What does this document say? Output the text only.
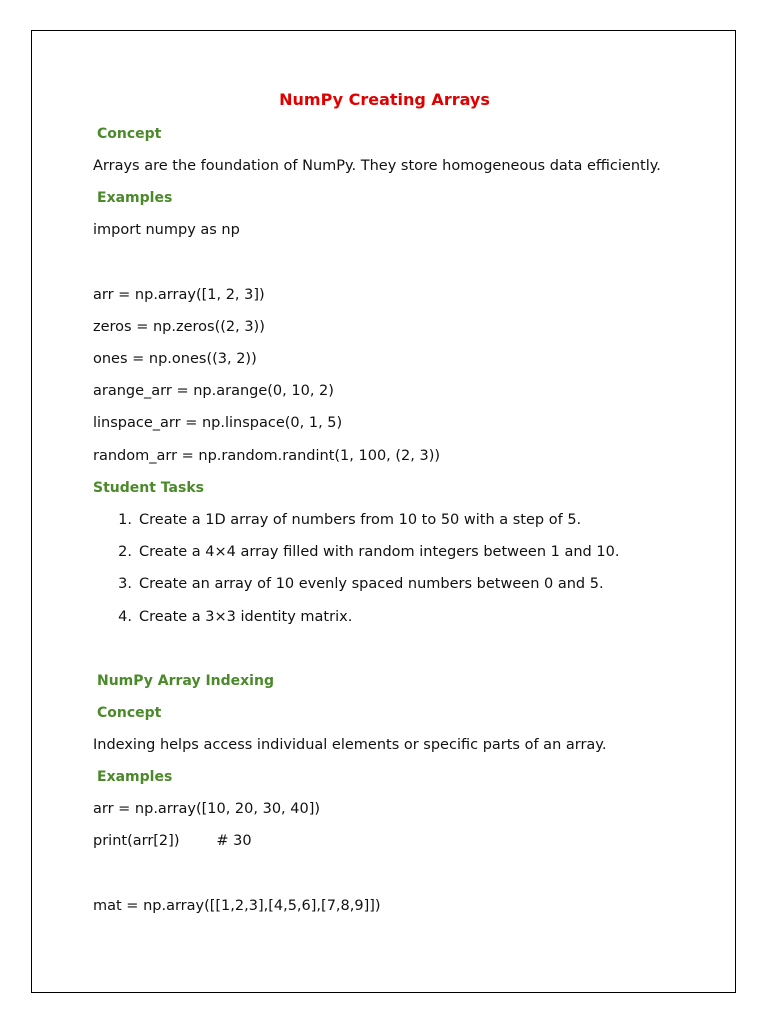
NumPy Creating Arrays
Concept
Arrays are the foundation of NumPy. They store homogeneous data efficiently.
Examples
import numpy as np
arr = np.array([1, 2, 3])
zeros = np.zeros((2, 3))
ones = np.ones((3, 2))
arange_arr = np.arange(0, 10, 2)
linspace_arr = np.linspace(0, 1, 5)
random_arr = np.random.randint(1, 100, (2, 3))
Student Tasks
1. Create a 1D array of numbers from 10 to 50 with a step of 5.
2. Create a 4×4 array filled with random integers between 1 and 10.
3. Create an array of 10 evenly spaced numbers between 0 and 5.
4. Create a 3×3 identity matrix.
NumPy Array Indexing
Concept
Indexing helps access individual elements or specific parts of an array.
Examples
arr = np.array([10, 20, 30, 40])
print(arr[2])        # 30
mat = np.array([[1,2,3],[4,5,6],[7,8,9]])
